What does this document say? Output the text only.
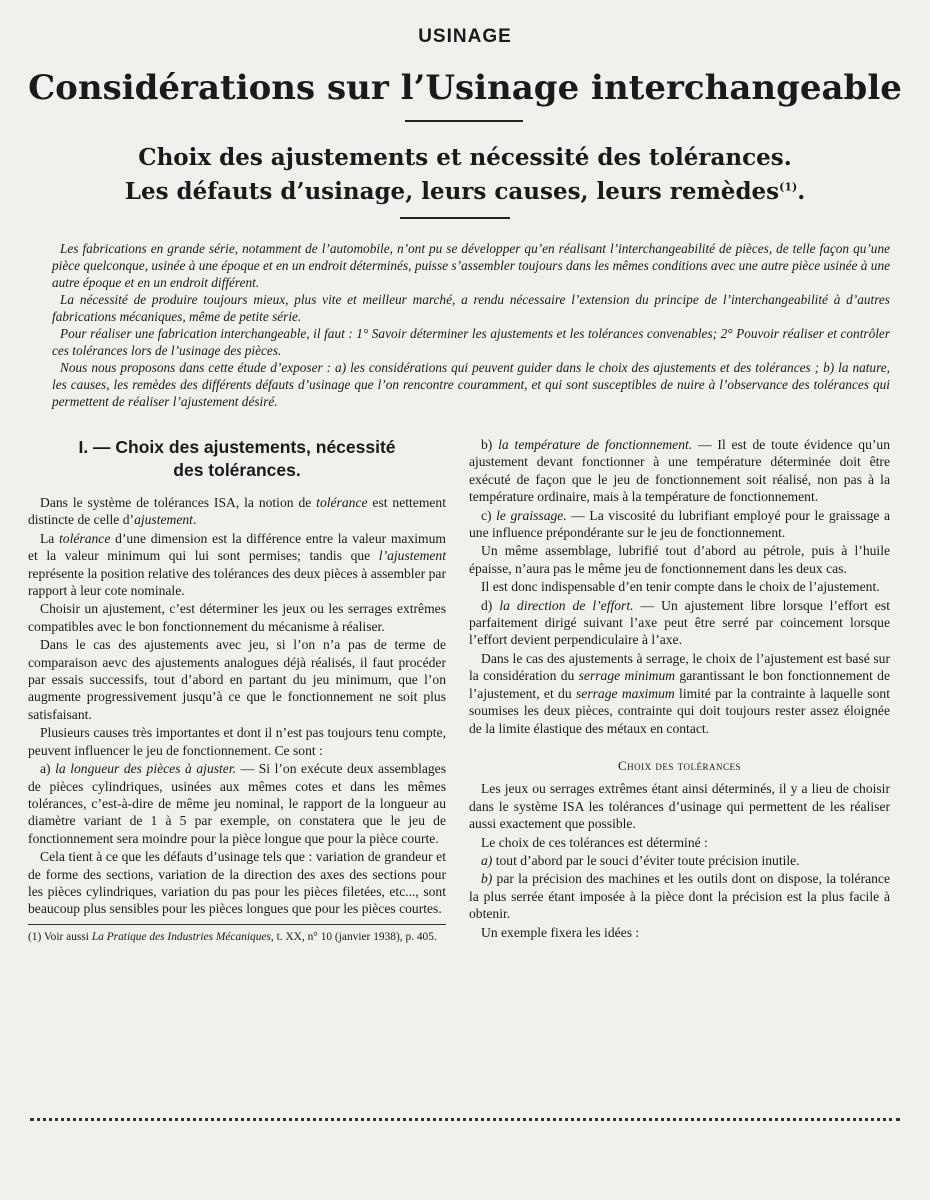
USINAGE
Considérations sur l’Usinage interchangeable
Choix des ajustements et nécessité des tolérances.
Les défauts d’usinage, leurs causes, leurs remèdes$^{(1)}$.

Les fabrications en grande série, notamment de l’automobile, n’ont pu se développer qu’en réalisant l’interchangeabilité de pièces, de telle façon qu’une pièce quelconque, usinée à une époque et en un endroit déterminés, puisse s’assembler toujours dans les mêmes conditions avec une autre pièce usinée à une autre époque et en un endroit différent.

La nécessité de produire toujours mieux, plus vite et meilleur marché, a rendu nécessaire l’extension du principe de l’interchangeabilité à d’autres fabrications mécaniques, même de petite série.

Pour réaliser une fabrication interchangeable, il faut : 1° Savoir déterminer les ajustements et les tolérances convenables; 2° Pouvoir réaliser et contrôler ces tolérances lors de l’usinage des pièces.

Nous nous proposons dans cette étude d’exposer : a) les considérations qui peuvent guider dans le choix des ajustements et des tolérances ; b) la nature, les causes, les remèdes des différents défauts d’usinage que l’on rencontre couramment, et qui sont susceptibles de nuire à l’observance des tolérances qui permettent de réaliser l’ajustement désiré.

I. — Choix des ajustements, nécessité
des tolérances.

Dans le système de tolérances ISA, la notion de tolérance est nettement distincte de celle d’ajustement.

La tolérance d’une dimension est la différence entre la valeur maximum et la valeur minimum qui lui sont permises; tandis que l’ajustement représente la position relative des tolérances des deux pièces à assembler par rapport à leur cote nominale.

Choisir un ajustement, c’est déterminer les jeux ou les serrages extrêmes compatibles avec le bon fonctionnement du mécanisme à réaliser.

Dans le cas des ajustements avec jeu, si l’on n’a pas de terme de comparaison aevc des ajustements analogues déjà réalisés, il faut procéder par essais successifs, tout d’abord en partant du jeu minimum, que l’on augmente progressivement jusqu’à ce que le fonctionnement ne soit plus satisfaisant.

Plusieurs causes très importantes et dont il n’est pas toujours tenu compte, peuvent influencer le jeu de fonctionnement. Ce sont :

a) la longueur des pièces à ajuster. — Si l’on exécute deux assemblages de pièces cylindriques, usinées aux mêmes cotes et dans les mêmes tolérances, c’est-à-dire de même jeu nominal, le rapport de la longueur au diamètre variant de 1 à 5 par exemple, on constatera que le jeu de fonctionnement sera moindre pour la pièce longue que pour la pièce courte.

Cela tient à ce que les défauts d’usinage tels que : variation de grandeur et de forme des sections, variation de la direction des axes des sections pour les pièces cylindriques, variation du pas pour les pièces filetées, etc..., sont beaucoup plus sensibles pour les pièces longues que pour les pièces courtes.

(1) Voir aussi La Pratique des Industries Mécaniques, t. XX, n° 10 (janvier 1938), p. 405.

b) la température de fonctionnement. — Il est de toute évidence qu’un ajustement devant fonctionner à une température déterminée doit être exécuté de façon que le jeu de fonctionnement soit réalisé, non pas à la température ordinaire, mais à la température de fonctionnement.

c) le graissage. — La viscosité du lubrifiant employé pour le graissage a une influence prépondérante sur le jeu de fonctionnement.

Un même assemblage, lubrifié tout d’abord au pétrole, puis à l’huile épaisse, n’aura pas le même jeu de fonctionnement dans les deux cas.

Il est donc indispensable d’en tenir compte dans le choix de l’ajustement.

d) la direction de l’effort. — Un ajustement libre lorsque l’effort est parfaitement dirigé suivant l’axe peut être serré par coincement lorsque l’effort devient perpendiculaire à l’axe.

Dans le cas des ajustements à serrage, le choix de l’ajustement est basé sur la considération du serrage minimum garantissant le bon fonctionnement de l’ajustement, et du serrage maximum limité par la contrainte à laquelle sont soumises les deux pièces, contrainte qui doit toujours rester assez éloignée de la limite élastique des métaux en contact.

Choix des tolérances

Les jeux ou serrages extrêmes étant ainsi déterminés, il y a lieu de choisir dans le système ISA les tolérances d’usinage qui permettent de les réaliser aussi exactement que possible.

Le choix de ces tolérances est déterminé :

a) tout d’abord par le souci d’éviter toute précision inutile.

b) par la précision des machines et les outils dont on dispose, la tolérance la plus serrée étant imposée à la pièce dont la précision est la plus facile à obtenir.

Un exemple fixera les idées :
